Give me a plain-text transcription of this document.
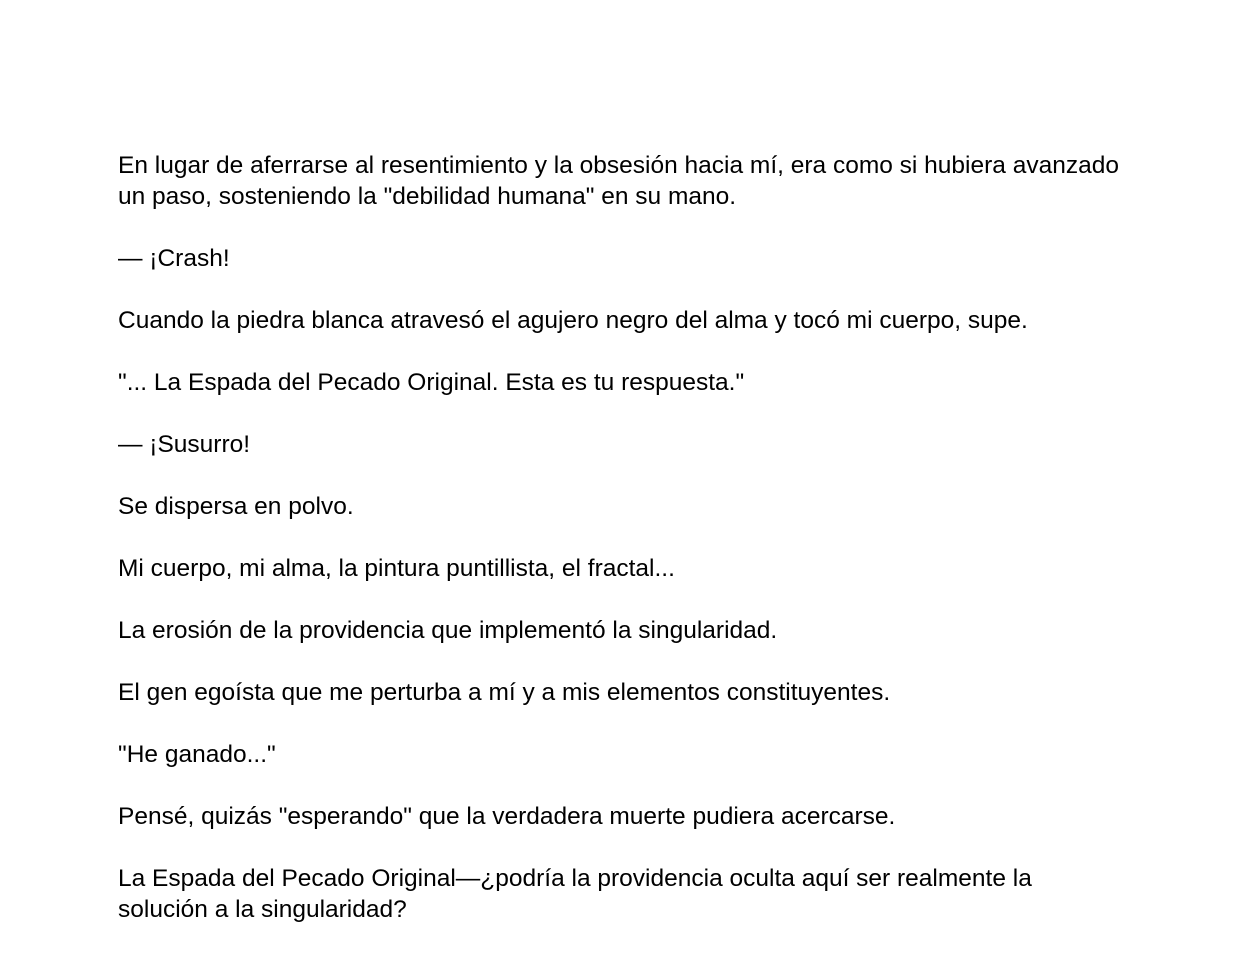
En lugar de aferrarse al resentimiento y la obsesión hacia mí, era como si hubiera avanzado un paso, sosteniendo la "debilidad humana" en su mano.

— ¡Crash!

Cuando la piedra blanca atravesó el agujero negro del alma y tocó mi cuerpo, supe.

"... La Espada del Pecado Original. Esta es tu respuesta."

— ¡Susurro!

Se dispersa en polvo.

Mi cuerpo, mi alma, la pintura puntillista, el fractal...

La erosión de la providencia que implementó la singularidad.

El gen egoísta que me perturba a mí y a mis elementos constituyentes.

"He ganado..."

Pensé, quizás "esperando" que la verdadera muerte pudiera acercarse.

La Espada del Pecado Original—¿podría la providencia oculta aquí ser realmente la solución a la singularidad?
